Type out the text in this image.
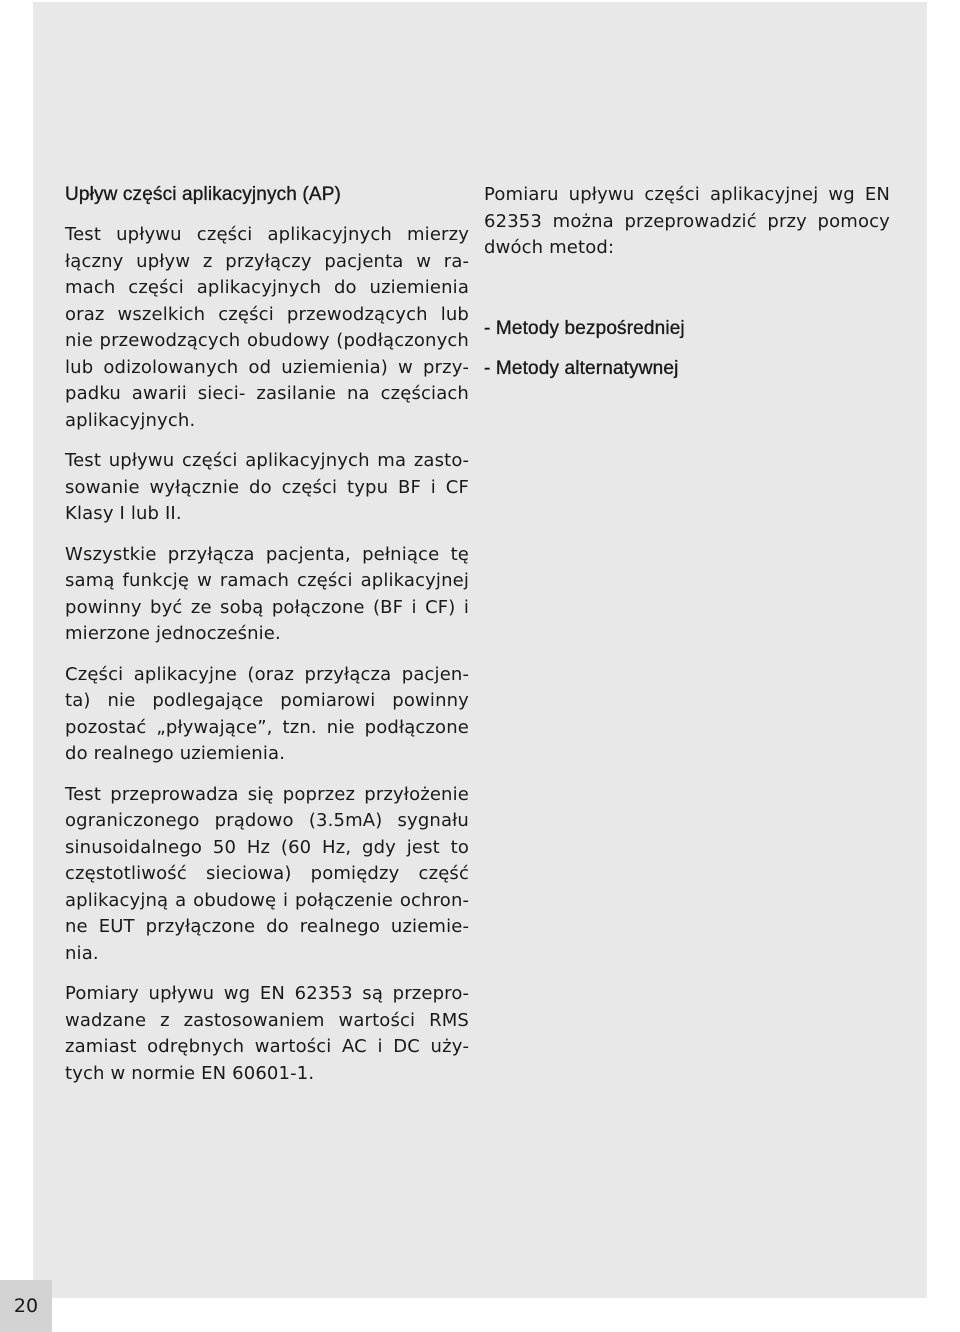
Upływ części aplikacyjnych (AP)

Test upływu części aplikacyjnych mierzy łączny upływ z przyłączy pacjenta w ramach części aplikacyjnych do uziemienia oraz wszelkich części przewodzących lub nie przewodzących obudowy (podłączonych lub odizolowanych od uziemienia) w przypadku awarii sieci- zasilanie na częściach aplikacyjnych.

Test upływu części aplikacyjnych ma zastosowanie wyłącznie do części typu BF i CF Klasy I lub II.

Wszystkie przyłącza pacjenta, pełniące tę samą funkcję w ramach części aplikacyjnej powinny być ze sobą połączone (BF i CF) i mierzone jednocześnie.

Części aplikacyjne (oraz przyłącza pacjenta) nie podlegające pomiarowi powinny pozostać „pływające”, tzn. nie podłączone do realnego uziemienia.

Test przeprowadza się poprzez przyłożenie ograniczonego prądowo (3.5mA) sygnału sinusoidalnego 50 Hz (60 Hz, gdy jest to częstotliwość sieciowa) pomiędzy część aplikacyjną a obudowę i połączenie ochronne EUT przyłączone do realnego uziemienia.

Pomiary upływu wg EN 62353 są przeprowadzane z zastosowaniem wartości RMS zamiast odrębnych wartości AC i DC użytych w normie EN 60601-1.

Pomiaru upływu części aplikacyjnej wg EN 62353 można przeprowadzić przy pomocy dwóch metod:

- Metody bezpośredniej
- Metody alternatywnej
20
